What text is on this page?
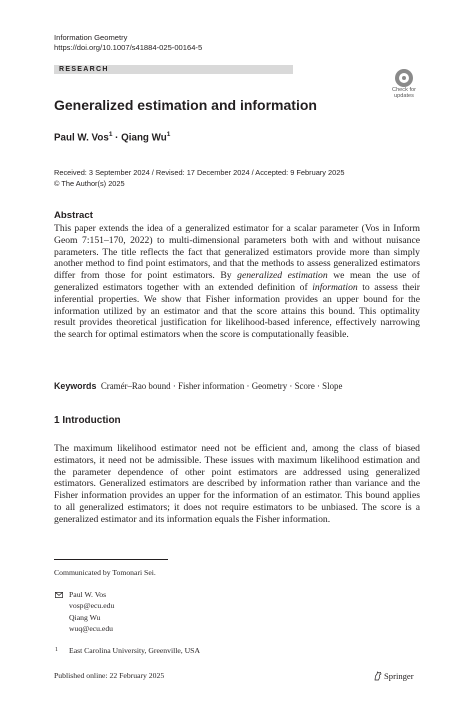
Information Geometry
https://doi.org/10.1007/s41884-025-00164-5
RESEARCH
Check for
updates
Generalized estimation and information
Paul W. Vos$^1$ · Qiang Wu$^1$
Received: 3 September 2024 / Revised: 17 December 2024 / Accepted: 9 February 2025
© The Author(s) 2025
Abstract
This paper extends the idea of a generalized estimator for a scalar parameter (Vos in Inform Geom 7:151–170, 2022) to multi-dimensional parameters both with and without nuisance parameters. The title reflects the fact that generalized estimators provide more than simply another method to find point estimators, and that the methods to assess generalized estimators differ from those for point estimators. By generalized estimation we mean the use of generalized estimators together with an extended definition of information to assess their inferential properties. We show that Fisher information provides an upper bound for the information utilized by an estimator and that the score attains this bound. This optimality result provides theoretical justification for likelihood-based inference, effectively narrowing the search for optimal estimators when the score is computationally feasible.
Keywords Cramér–Rao bound · Fisher information · Geometry · Score · Slope
1 Introduction
The maximum likelihood estimator need not be efficient and, among the class of biased estimators, it need not be admissible. These issues with maximum likelihood estimation and the parameter dependence of other point estimators are addressed using generalized estimators. Generalized estimators are described by information rather than variance and the Fisher information provides an upper for the information of an estimator. This bound applies to all generalized estimators; it does not require estimators to be unbiased. The score is a generalized estimator and its information equals the Fisher information.
Communicated by Tomonari Sei.
Paul W. Vos
vosp@ecu.edu
Qiang Wu
wuq@ecu.edu
1 East Carolina University, Greenville, USA
Published online: 22 February 2025	Springer
